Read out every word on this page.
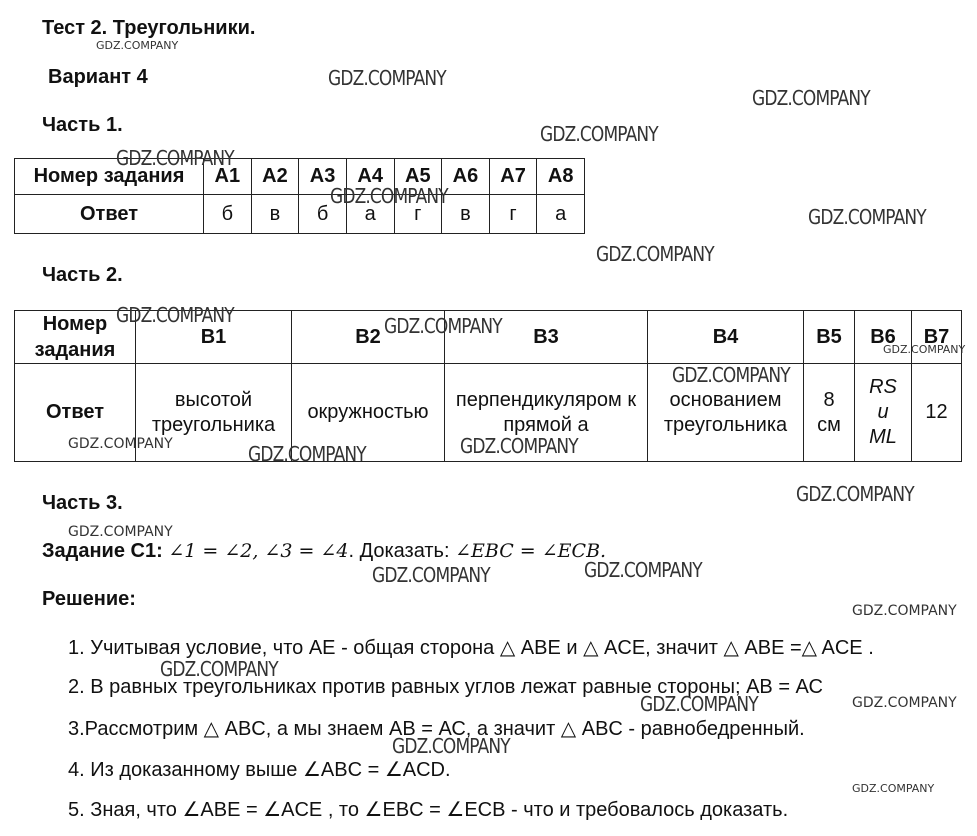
Тест 2. Треугольники.
Вариант 4
Часть 1.
Номер задания	A1	A2	A3	A4	A5	A6	A7	A8
Ответ	б	в	б	а	г	в	г	а
Часть 2.
Номер задания	B1	B2	B3	B4	B5	B6	B7
Ответ	высотой треугольника	окружностью	перпендикуляром к прямой a	основанием треугольника	8 см	RS и ML	12
Часть 3.
Задание С1: ∠1 = ∠2, ∠3 = ∠4. Доказать: ∠EBC = ∠ECB.
Решение:
1. Учитывая условие, что АЕ - общая сторона △ ABE и △ ACE, значит △ ABE =△ ACE .
2. В равных треугольниках против равных углов лежат равные стороны; АВ = АС
3.Рассмотрим △ ABC, а мы знаем АВ = АС, а значит △ ABC - равнобедренный.
4. Из доказанному выше ∠ABC = ∠ACD.
5. Зная, что ∠ABE = ∠ACE , то ∠EBC = ∠ECB - что и требовалось доказать.
GDZ.COMPANY
GDZ.COMPANY
GDZ.COMPANY
GDZ.COMPANY
GDZ.COMPANY
GDZ.COMPANY
GDZ.COMPANY
GDZ.COMPANY
GDZ.COMPANY	GDZ.COMPANY
GDZ.COMPANY
GDZ.COMPANY
GDZ.COMPANY
GDZ.COMPANY	GDZ.COMPANY
GDZ.COMPANY
GDZ.COMPANY
GDZ.COMPANY	GDZ.COMPANY
GDZ.COMPANY
GDZ.COMPANY
GDZ.COMPANY	GDZ.COMPANY
GDZ.COMPANY
GDZ.COMPANY
